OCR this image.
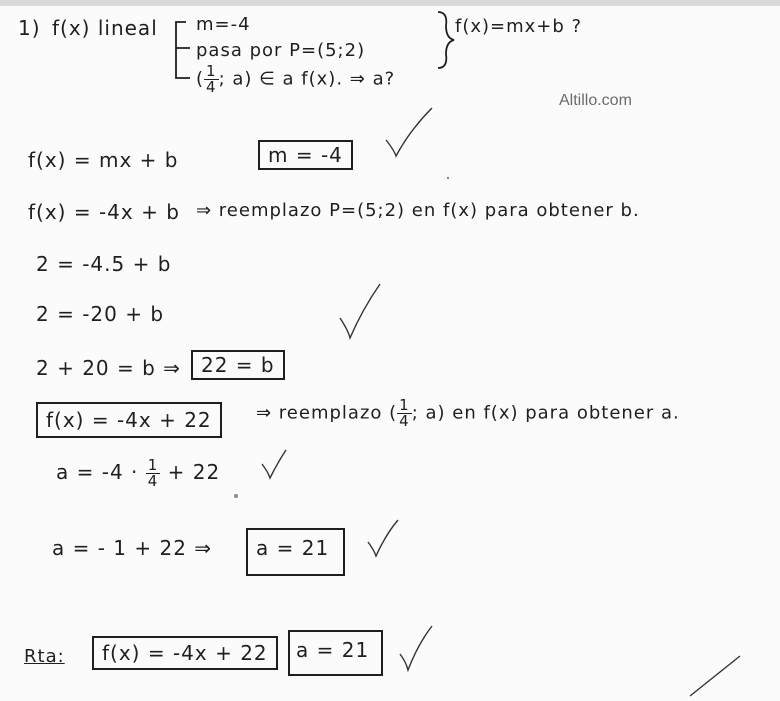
1) f(x) lineal m=-4
pasa por P=(5;2)
( $\frac{1}{4}$ ; a) ∈ a f(x). ⇒ a?
f(x)=mx+b ?
Altillo.com
f(x) = mx + b	m = -4
f(x) = -4x + b ⇒ reemplazo P=(5;2) en f(x) para obtener b.
2 = -4.5 + b
2 = -20 + b
2 + 20 = b ⇒	22 = b
f(x) = -4x + 22	⇒ reemplazo ( $\frac{1}{4}$ ; a) en f(x) para obtener a.
$a = -4 \cdot \frac{1}{4} + 22$
a = - 1 + 22 ⇒	a = 21
Rta:	f(x) = -4x + 22	a = 21
